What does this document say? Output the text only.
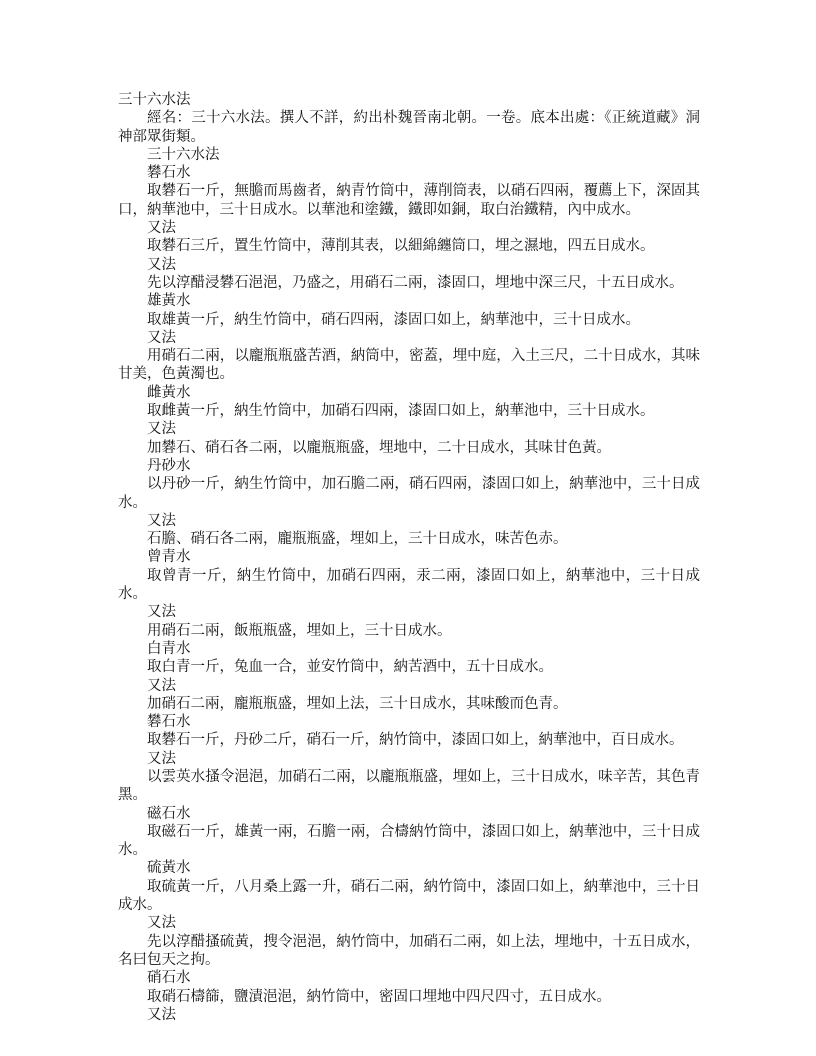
三十六水法

經名：三十六水法。撰人不詳，約出朴魏晉南北朝。一卷。底本出處：《正統道藏》洞神部眾街類。

三十六水法

礬石水

取礬石一斤，無膽而馬齒者，納青竹筒中，薄削筒表，以硝石四兩，覆薦上下，深固其口，納華池中，三十日成水。以華池和塗鐵，鐵即如銅，取白治鐵精，內中成水。

又法

取礬石三斤，置生竹筒中，薄削其表，以細綿纏筒口，埋之濕地，四五日成水。

又法

先以淳醋浸礬石浥浥，乃盛之，用硝石二兩，漆固口，埋地中深三尺，十五日成水。

雄黃水

取雄黃一斤，納生竹筒中，硝石四兩，漆固口如上，納華池中，三十日成水。

又法

用硝石二兩，以龐瓶瓶盛苦酒，納筒中，密蓋，埋中庭，入土三尺，二十日成水，其味甘美，色黃濁也。

雌黃水

取雌黃一斤，納生竹筒中，加硝石四兩，漆固口如上，納華池中，三十日成水。

又法

加礬石、硝石各二兩，以龐瓶瓶盛，埋地中，二十日成水，其味甘色黃。

丹砂水

以丹砂一斤，納生竹筒中，加石膽二兩，硝石四兩，漆固口如上，納華池中，三十日成水。

又法

石膽、硝石各二兩，龐瓶瓶盛，埋如上，三十日成水，味苦色赤。

曾青水

取曾青一斤，納生竹筒中，加硝石四兩，汞二兩，漆固口如上，納華池中，三十日成水。

又法

用硝石二兩，飯瓶瓶盛，埋如上，三十日成水。

白青水

取白青一斤，兔血一合，並安竹筒中，納苦酒中，五十日成水。

又法

加硝石二兩，龐瓶瓶盛，埋如上法，三十日成水，其味酸而色青。

礬石水

取礬石一斤，丹砂二斤，硝石一斤，納竹筒中，漆固口如上，納華池中，百日成水。

又法

以雲英水搔令浥浥，加硝石二兩，以龐瓶瓶盛，埋如上，三十日成水，味辛苦，其色青黑。

磁石水

取磁石一斤，雄黃一兩，石膽一兩，合檮納竹筒中，漆固口如上，納華池中，三十日成水。

硫黃水

取硫黃一斤，八月桑上露一升，硝石二兩，納竹筒中，漆固口如上，納華池中，三十日成水。

又法

先以淳醋搔硫黃，搜令浥浥，納竹筒中，加硝石二兩，如上法，埋地中，十五日成水，名曰包天之拘。

硝石水

取硝石檮篩，鹽漬浥浥，納竹筒中，密固口埋地中四尺四寸，五日成水。

又法
